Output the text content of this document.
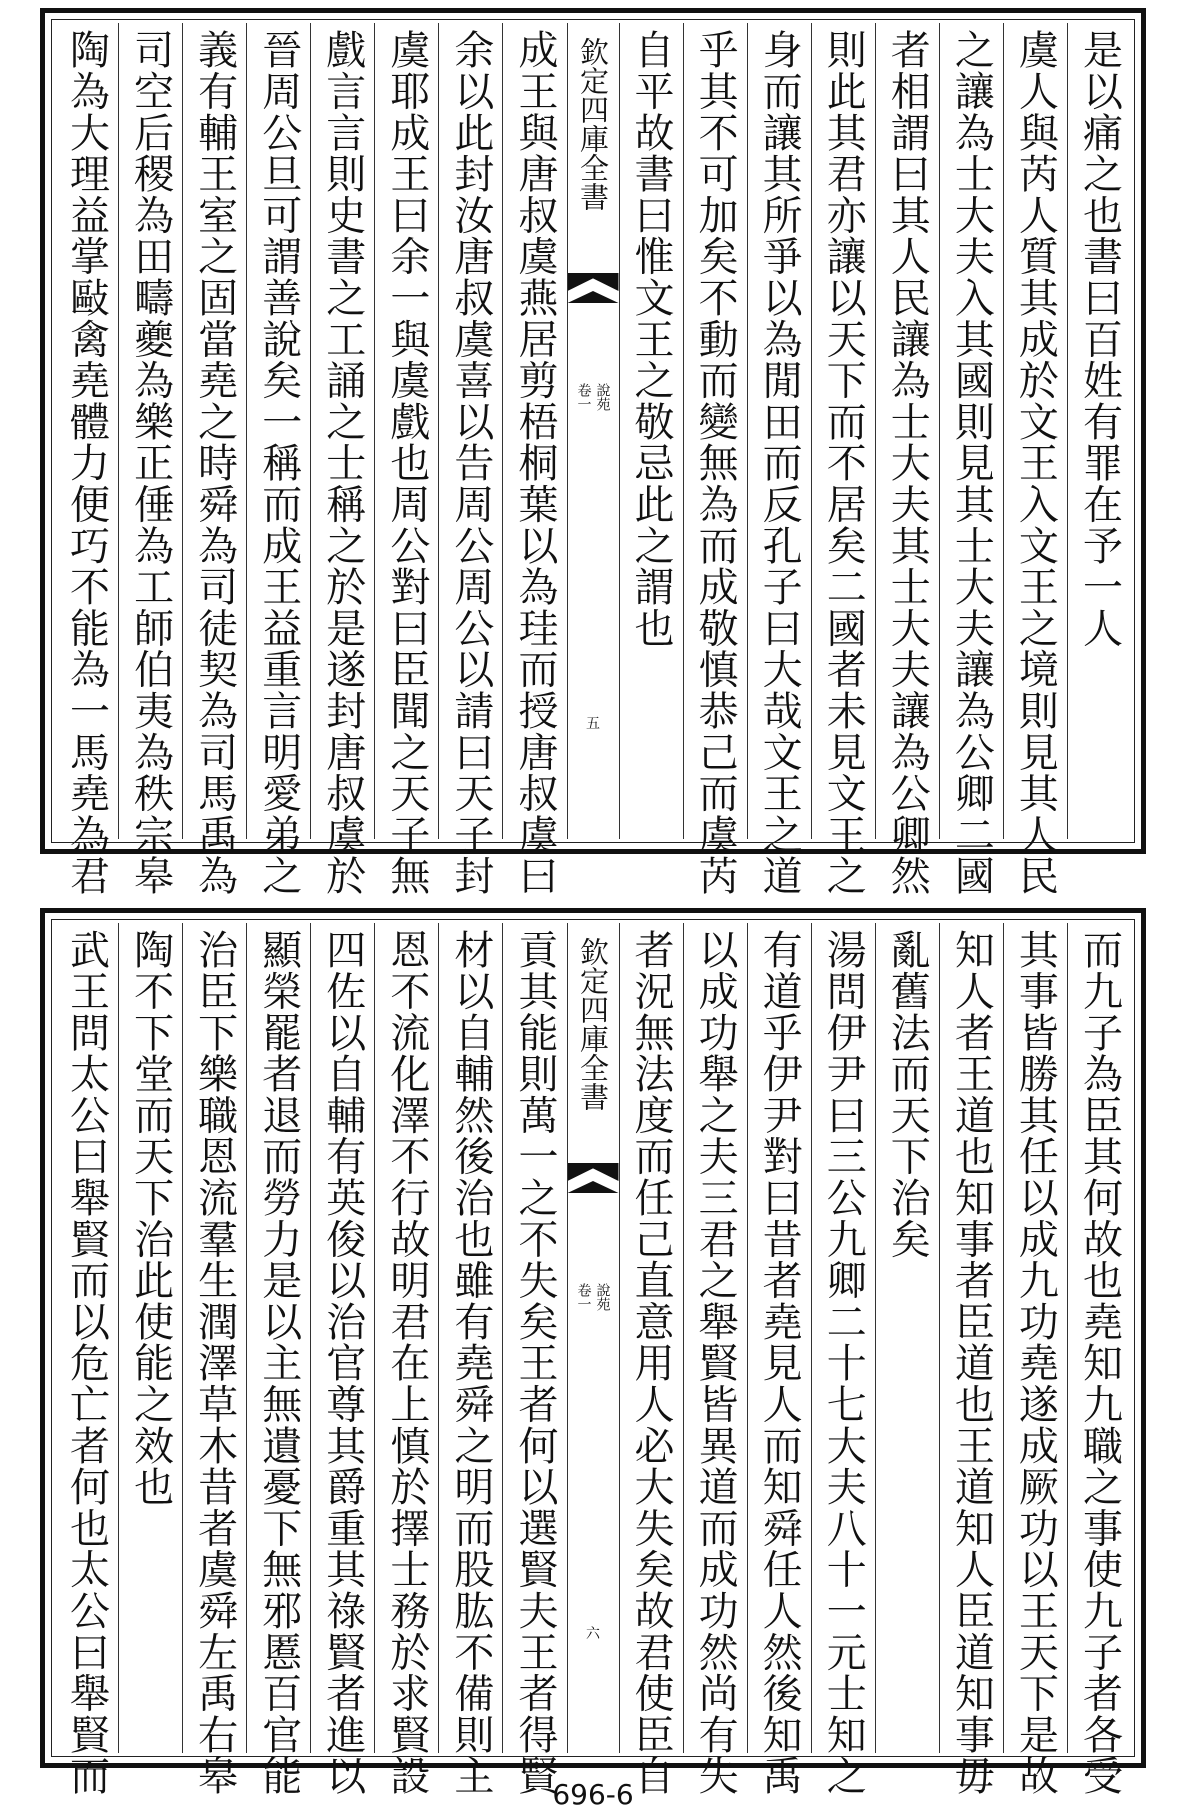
是以痛之也書曰百姓有罪在予一人
虞人與芮人質其成於文王入文王之境則見其人民
之讓為士大夫入其國則見其士大夫讓為公卿二國
者相謂曰其人民讓為士大夫其士大夫讓為公卿然
則此其君亦讓以天下而不居矣二國者未見文王之
身而讓其所爭以為閒田而反孔子曰大哉文王之道
乎其不可加矣不動而變無為而成敬慎恭己而虞芮
自平故書曰惟文王之敬忌此之謂也
欽定四庫全書
說苑
卷一
五
成王與唐叔虞燕居剪梧桐葉以為珪而授唐叔虞曰
余以此封汝唐叔虞喜以告周公周公以請曰天子封
虞耶成王曰余一與虞戲也周公對曰臣聞之天子無
戲言言則史書之工誦之士稱之於是遂封唐叔虞於
晉周公旦可謂善說矣一稱而成王益重言明愛弟之
義有輔王室之固當堯之時舜為司徒契為司馬禹為
司空后稷為田疇夔為樂正倕為工師伯夷為秩宗皋
陶為大理益掌敺禽堯體力便巧不能為一馬堯為君
而九子為臣其何故也堯知九職之事使九子者各受
其事皆勝其任以成九功堯遂成厥功以王天下是故
知人者王道也知事者臣道也王道知人臣道知事毋
亂舊法而天下治矣
湯問伊尹曰三公九卿二十七大夫八十一元士知之
有道乎伊尹對曰昔者堯見人而知舜任人然後知禹
以成功舉之夫三君之舉賢皆異道而成功然尚有失
者況無法度而任己直意用人必大失矣故君使臣自
欽定四庫全書
說苑
卷一
六
貢其能則萬一之不失矣王者何以選賢夫王者得賢
材以自輔然後治也雖有堯舜之明而股肱不備則主
恩不流化澤不行故明君在上慎於擇士務於求賢設
四佐以自輔有英俊以治官尊其爵重其祿賢者進以
顯榮罷者退而勞力是以主無遺憂下無邪慝百官能
治臣下樂職恩流羣生潤澤草木昔者虞舜左禹右皋
陶不下堂而天下治此使能之效也
武王問太公曰舉賢而以危亡者何也太公曰舉賢而	696-6
